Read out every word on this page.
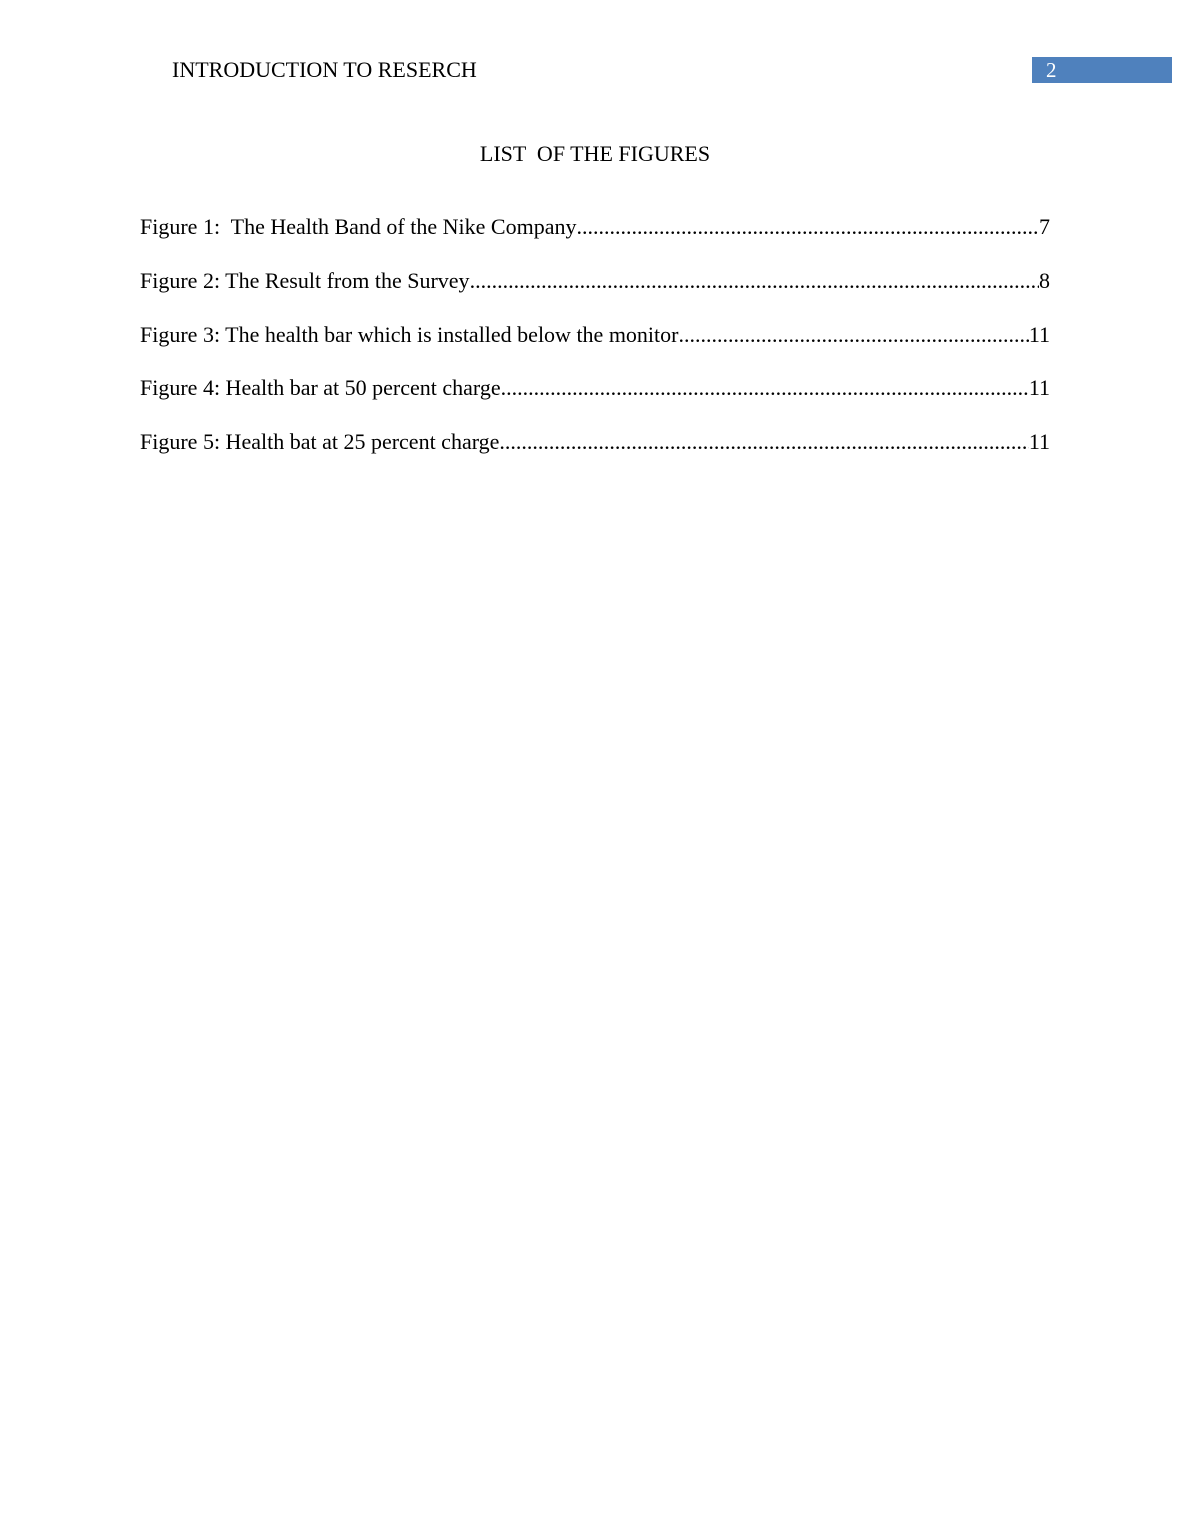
INTRODUCTION TO RESERCH	2
LIST  OF THE FIGURES
Figure 1:  The Health Band of the Nike Company .....	7
Figure 2: The Result from the Survey .....	8
Figure 3: The health bar which is installed below the monitor .....	11
Figure 4: Health bar at 50 percent charge .....	11
Figure 5: Health bat at 25 percent charge .....	11
